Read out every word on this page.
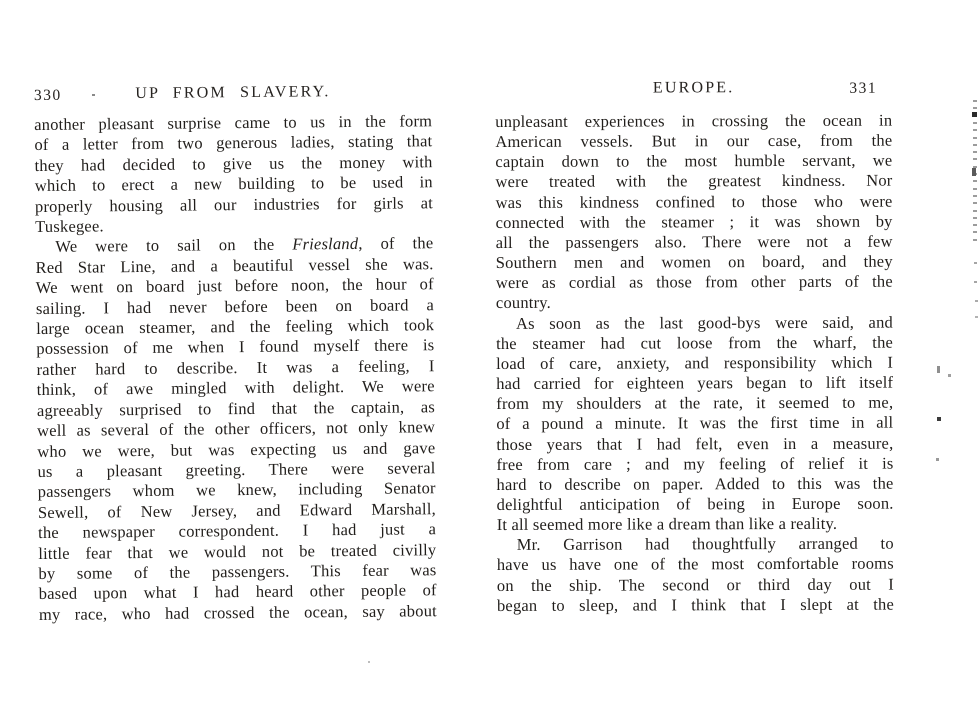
330	UP FROM SLAVERY.
another pleasant surprise came to us in the form
of a letter from two generous ladies, stating that
they had decided to give us the money with
which to erect a new building to be used in
properly housing all our industries for girls at
Tuskegee.
We were to sail on the Friesland, of the
Red Star Line, and a beautiful vessel she was.
We went on board just before noon, the hour of
sailing. I had never before been on board a
large ocean steamer, and the feeling which took
possession of me when I found myself there is
rather hard to describe. It was a feeling, I
think, of awe mingled with delight. We were
agreeably surprised to find that the captain, as
well as several of the other officers, not only knew
who we were, but was expecting us and gave
us a pleasant greeting. There were several
passengers whom we knew, including Senator
Sewell, of New Jersey, and Edward Marshall,
the newspaper correspondent. I had just a
little fear that we would not be treated civilly
by some of the passengers. This fear was
based upon what I had heard other people of
my race, who had crossed the ocean, say about
EUROPE.	331
unpleasant experiences in crossing the ocean in
American vessels. But in our case, from the
captain down to the most humble servant, we
were treated with the greatest kindness. Nor
was this kindness confined to those who were
connected with the steamer ; it was shown by
all the passengers also. There were not a few
Southern men and women on board, and they
were as cordial as those from other parts of the
country.
As soon as the last good-bys were said, and
the steamer had cut loose from the wharf, the
load of care, anxiety, and responsibility which I
had carried for eighteen years began to lift itself
from my shoulders at the rate, it seemed to me,
of a pound a minute. It was the first time in all
those years that I had felt, even in a measure,
free from care ; and my feeling of relief it is
hard to describe on paper. Added to this was the
delightful anticipation of being in Europe soon.
It all seemed more like a dream than like a reality.
Mr. Garrison had thoughtfully arranged to
have us have one of the most comfortable rooms
on the ship. The second or third day out I
began to sleep, and I think that I slept at the
